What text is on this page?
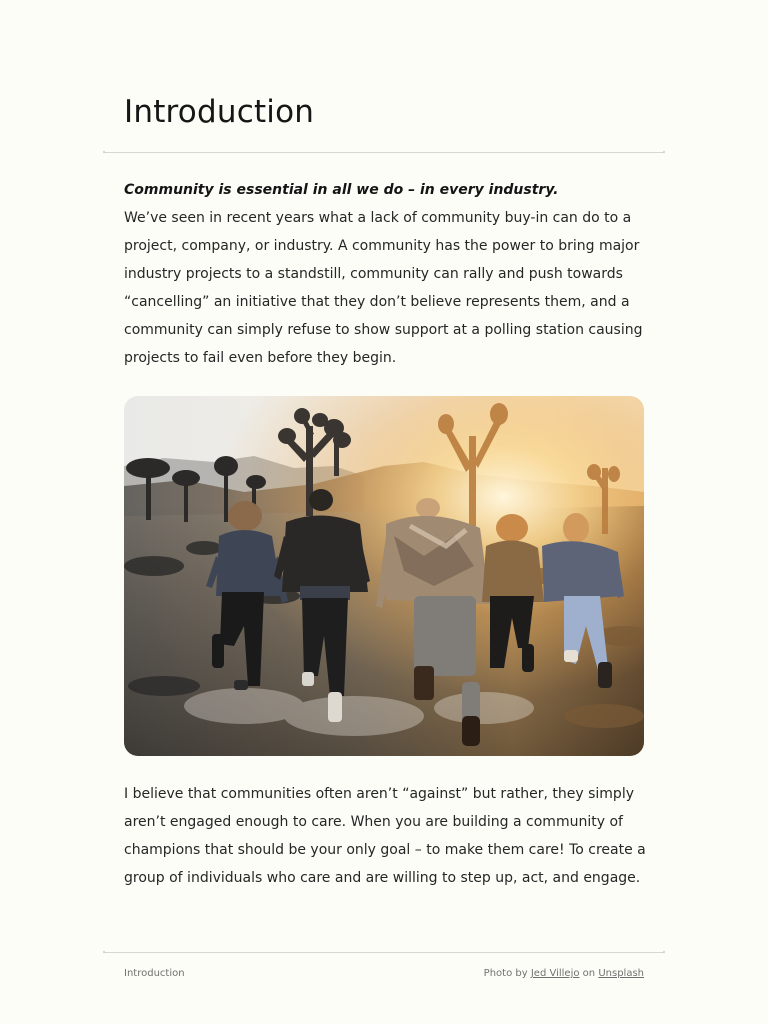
Introduction

Community is essential in all we do – in every industry.

We’ve seen in recent years what a lack of community buy-in can do to a project, company, or industry. A community has the power to bring major industry projects to a standstill, community can rally and push towards “cancelling” an initiative that they don’t believe represents them, and a community can simply refuse to show support at a polling station causing projects to fail even before they begin.

I believe that communities often aren’t “against” but rather, they simply aren’t engaged enough to care. When you are building a community of champions that should be your only goal – to make them care! To create a group of individuals who care and are willing to step up, act, and engage.

Introduction	Photo by Jed Villejo on Unsplash
